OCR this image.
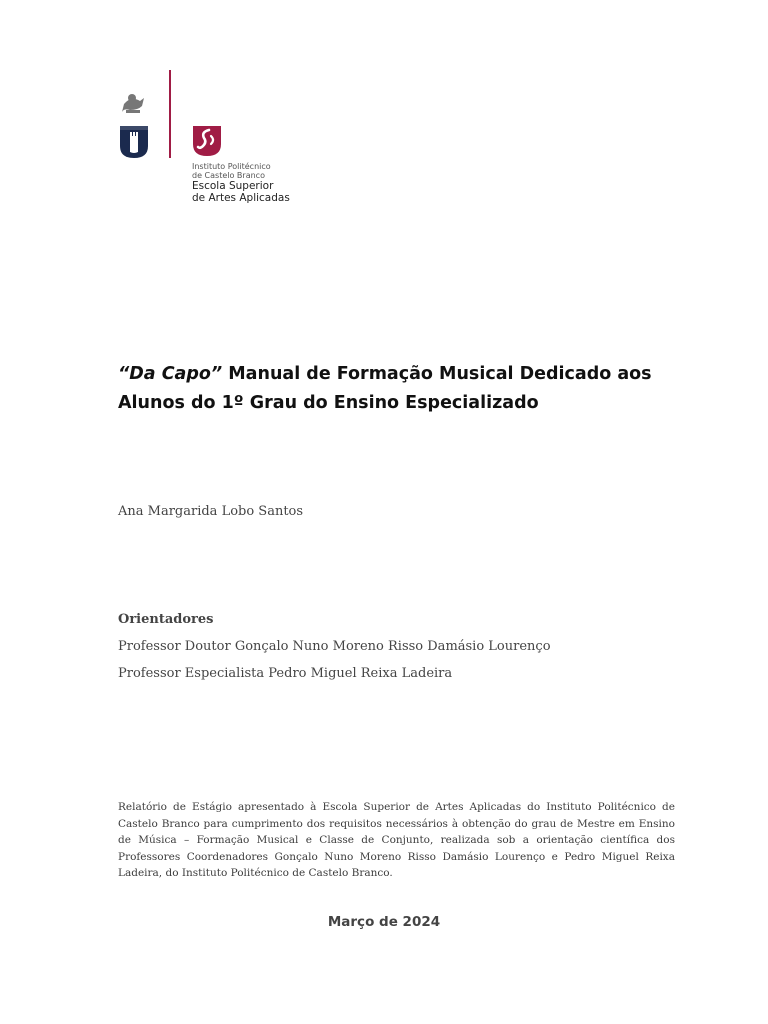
Instituto Politécnico
de Castelo Branco
Escola Superior
de Artes Aplicadas
“Da Capo” Manual de Formação Musical Dedicado aos Alunos do 1º Grau do Ensino Especializado
Ana Margarida Lobo Santos
Orientadores
Professor Doutor Gonçalo Nuno Moreno Risso Damásio Lourenço
Professor Especialista Pedro Miguel Reixa Ladeira
Relatório de Estágio apresentado à Escola Superior de Artes Aplicadas do Instituto Politécnico de Castelo Branco para cumprimento dos requisitos necessários à obtenção do grau de Mestre em Ensino de Música – Formação Musical e Classe de Conjunto, realizada sob a orientação científica dos Professores Coordenadores Gonçalo Nuno Moreno Risso Damásio Lourenço e Pedro Miguel Reixa Ladeira, do Instituto Politécnico de Castelo Branco.
Março de 2024
